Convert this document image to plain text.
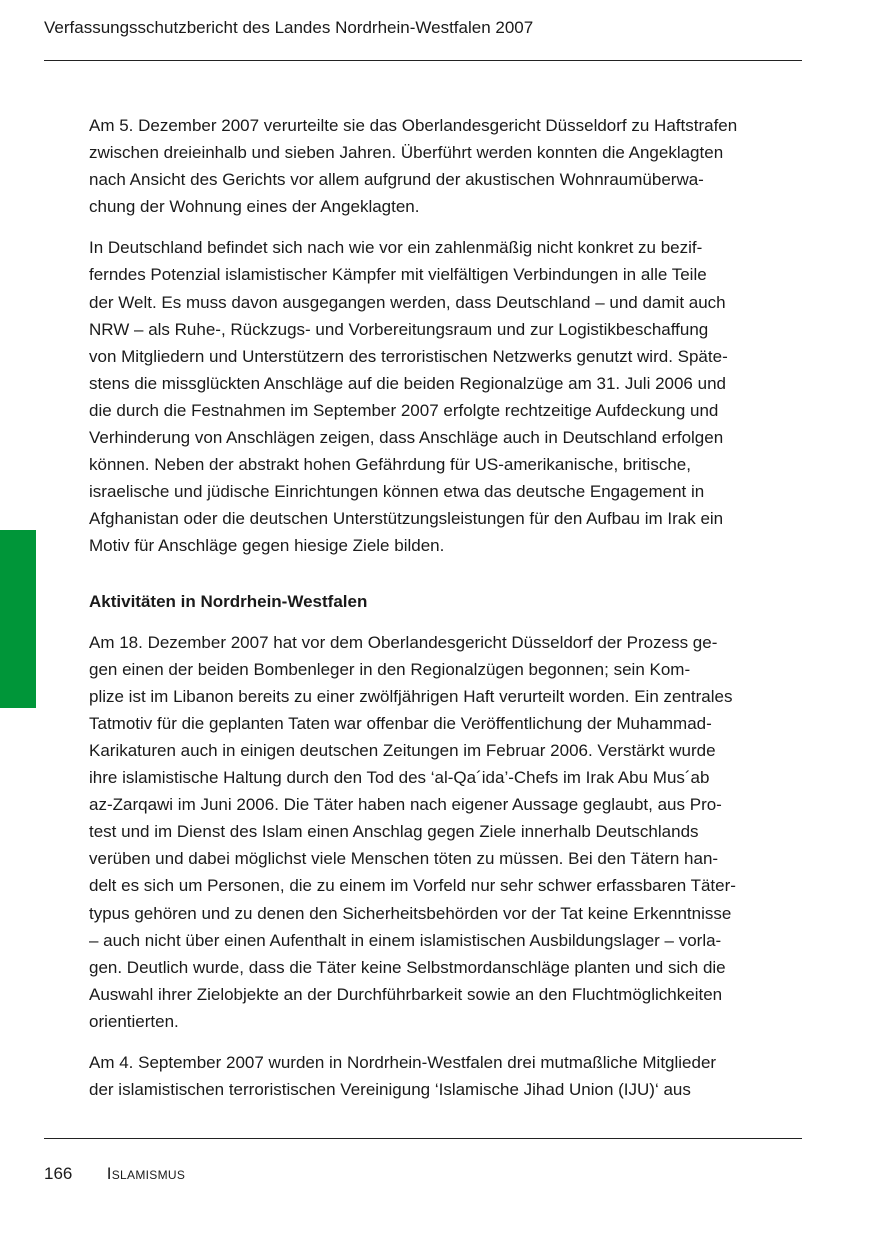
Verfassungsschutzbericht des Landes Nordrhein-Westfalen 2007

Am 5. Dezember 2007 verurteilte sie das Oberlandesgericht Düsseldorf zu Haftstrafen
zwischen dreieinhalb und sieben Jahren. Überführt werden konnten die Angeklagten
nach Ansicht des Gerichts vor allem aufgrund der akustischen Wohnraumüberwa-
chung der Wohnung eines der Angeklagten.

In Deutschland befindet sich nach wie vor ein zahlenmäßig nicht konkret zu bezif-
ferndes Potenzial islamistischer Kämpfer mit vielfältigen Verbindungen in alle Teile
der Welt. Es muss davon ausgegangen werden, dass Deutschland – und damit auch
NRW – als Ruhe-, Rückzugs- und Vorbereitungsraum und zur Logistikbeschaffung
von Mitgliedern und Unterstützern des terroristischen Netzwerks genutzt wird. Späte-
stens die missglückten Anschläge auf die beiden Regionalzüge am 31. Juli 2006 und
die durch die Festnahmen im September 2007 erfolgte rechtzeitige Aufdeckung und
Verhinderung von Anschlägen zeigen, dass Anschläge auch in Deutschland erfolgen
können. Neben der abstrakt hohen Gefährdung für US-amerikanische, britische,
israelische und jüdische Einrichtungen können etwa das deutsche Engagement in
Afghanistan oder die deutschen Unterstützungsleistungen für den Aufbau im Irak ein
Motiv für Anschläge gegen hiesige Ziele bilden.

Aktivitäten in Nordrhein-Westfalen

Am 18. Dezember 2007 hat vor dem Oberlandesgericht Düsseldorf der Prozess ge-
gen einen der beiden Bombenleger in den Regionalzügen begonnen; sein Kom-
plize ist im Libanon bereits zu einer zwölfjährigen Haft verurteilt worden. Ein zentrales
Tatmotiv für die geplanten Taten war offenbar die Veröffentlichung der Muhammad-
Karikaturen auch in einigen deutschen Zeitungen im Februar 2006. Verstärkt wurde
ihre islamistische Haltung durch den Tod des ‘al-Qa´ida’-Chefs im Irak Abu Mus´ab
az-Zarqawi im Juni 2006. Die Täter haben nach eigener Aussage geglaubt, aus Pro-
test und im Dienst des Islam einen Anschlag gegen Ziele innerhalb Deutschlands
verüben und dabei möglichst viele Menschen töten zu müssen. Bei den Tätern han-
delt es sich um Personen, die zu einem im Vorfeld nur sehr schwer erfassbaren Täter-
typus gehören und zu denen den Sicherheitsbehörden vor der Tat keine Erkenntnisse
– auch nicht über einen Aufenthalt in einem islamistischen Ausbildungslager – vorla-
gen. Deutlich wurde, dass die Täter keine Selbstmordanschläge planten und sich die
Auswahl ihrer Zielobjekte an der Durchführbarkeit sowie an den Fluchtmöglichkeiten
orientierten.

Am 4. September 2007 wurden in Nordrhein-Westfalen drei mutmaßliche Mitglieder
der islamistischen terroristischen Vereinigung ‘Islamische Jihad Union (IJU)‘ aus

166 Islamismus
